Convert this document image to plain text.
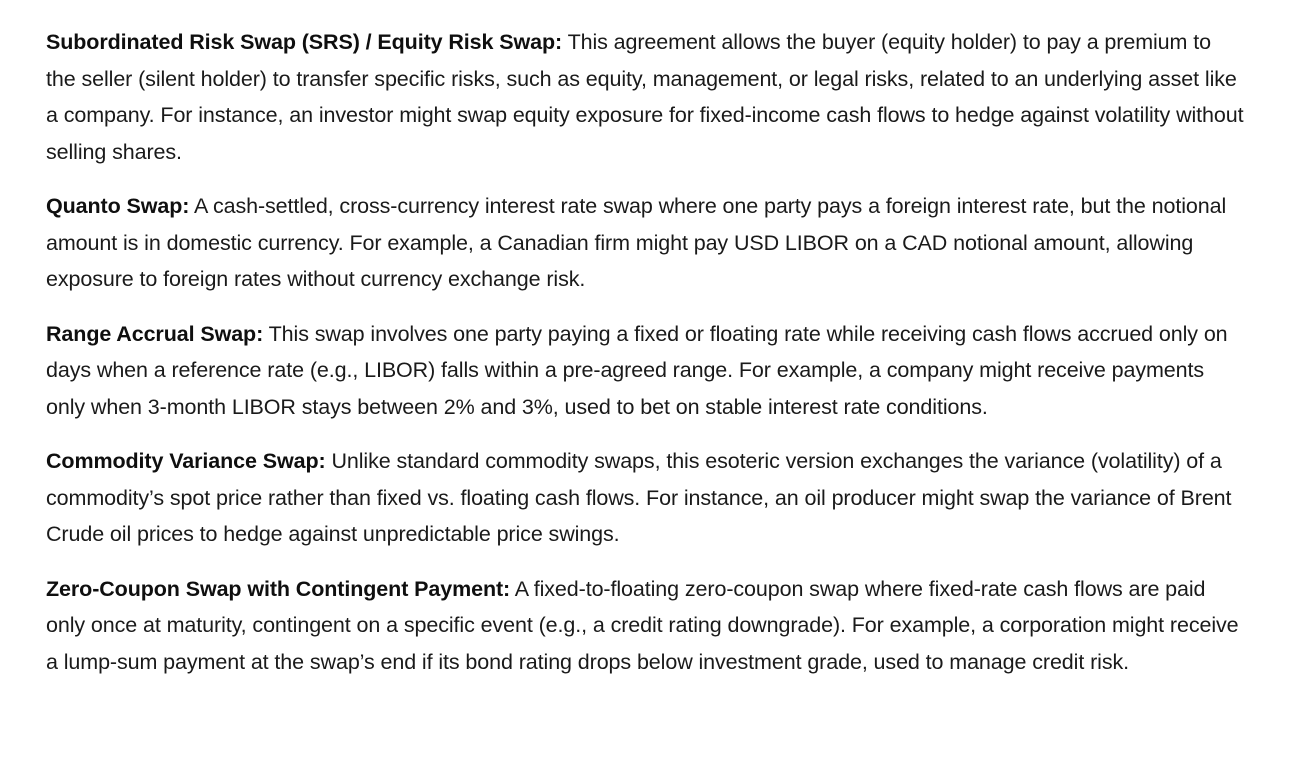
Subordinated Risk Swap (SRS) / Equity Risk Swap: This agreement allows the buyer (equity holder) to pay a premium to the seller (silent holder) to transfer specific risks, such as equity, management, or legal risks, related to an underlying asset like a company. For instance, an investor might swap equity exposure for fixed-income cash flows to hedge against volatility without selling shares.

Quanto Swap: A cash-settled, cross-currency interest rate swap where one party pays a foreign interest rate, but the notional amount is in domestic currency. For example, a Canadian firm might pay USD LIBOR on a CAD notional amount, allowing exposure to foreign rates without currency exchange risk.

Range Accrual Swap: This swap involves one party paying a fixed or floating rate while receiving cash flows accrued only on days when a reference rate (e.g., LIBOR) falls within a pre-agreed range. For example, a company might receive payments only when 3-month LIBOR stays between 2% and 3%, used to bet on stable interest rate conditions.

Commodity Variance Swap: Unlike standard commodity swaps, this esoteric version exchanges the variance (volatility) of a commodity’s spot price rather than fixed vs. floating cash flows. For instance, an oil producer might swap the variance of Brent Crude oil prices to hedge against unpredictable price swings.

Zero-Coupon Swap with Contingent Payment: A fixed-to-floating zero-coupon swap where fixed-rate cash flows are paid only once at maturity, contingent on a specific event (e.g., a credit rating downgrade). For example, a corporation might receive a lump-sum payment at the swap’s end if its bond rating drops below investment grade, used to manage credit risk.
